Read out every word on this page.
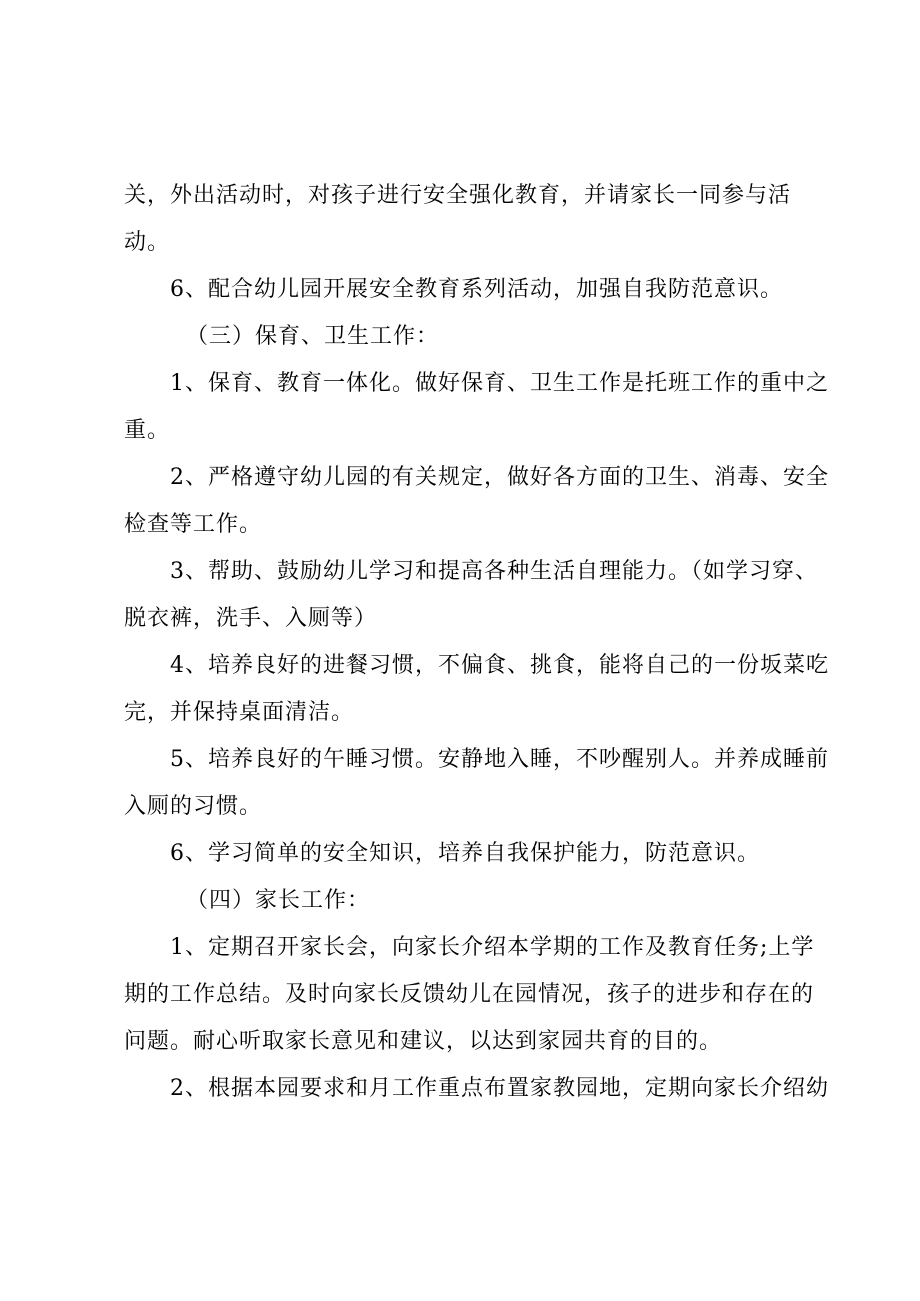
关，外出活动时，对孩子进行安全强化教育，并请家长一同参与活
动。
6、配合幼儿园开展安全教育系列活动，加强自我防范意识。
（三）保育、卫生工作：
1、保育、教育一体化。做好保育、卫生工作是托班工作的重中之
重。
2、严格遵守幼儿园的有关规定，做好各方面的卫生、消毒、安全
检查等工作。
3、帮助、鼓励幼儿学习和提高各种生活自理能力。（如学习穿、
脱衣裤，洗手、入厕等）
4、培养良好的进餐习惯，不偏食、挑食，能将自己的一份坂菜吃
完，并保持桌面清洁。
5、培养良好的午睡习惯。安静地入睡，不吵醒别人。并养成睡前
入厕的习惯。
6、学习简单的安全知识，培养自我保护能力，防范意识。
（四）家长工作：
1、定期召开家长会，向家长介绍本学期的工作及教育任务;上学
期的工作总结。及时向家长反馈幼儿在园情况，孩子的进步和存在的
问题。耐心听取家长意见和建议，以达到家园共育的目的。
2、根据本园要求和月工作重点布置家教园地，定期向家长介绍幼
